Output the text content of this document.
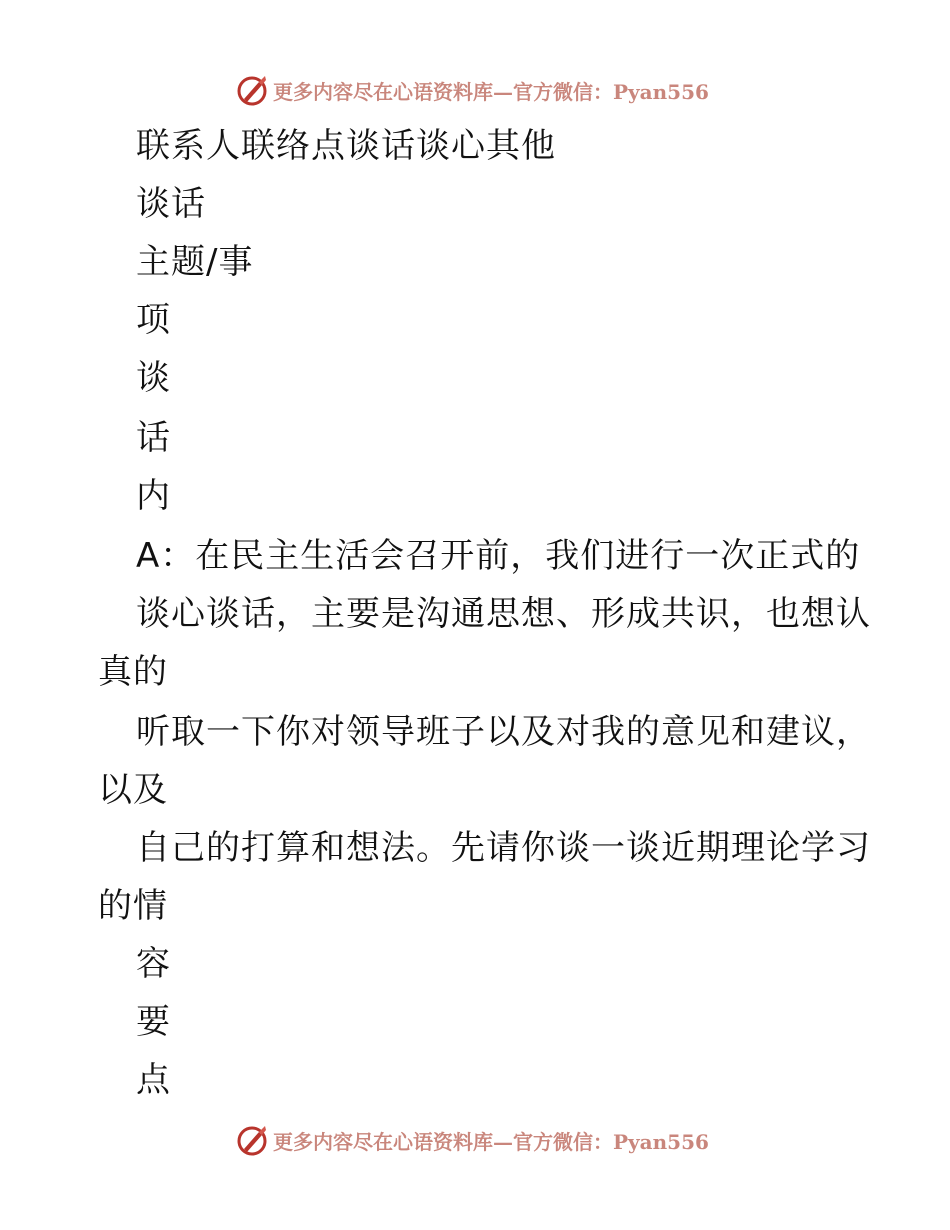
更多内容尽在心语资料库—官方微信：Pyan556
联系人联络点谈话谈心其他
谈话
主题/事
项
谈
话
内
A：在民主生活会召开前，我们进行一次正式的
谈心谈话，主要是沟通思想、形成共识，也想认
真的
听取一下你对领导班子以及对我的意见和建议，
以及
自己的打算和想法。先请你谈一谈近期理论学习
的情
容
要
点
更多内容尽在心语资料库—官方微信：Pyan556
